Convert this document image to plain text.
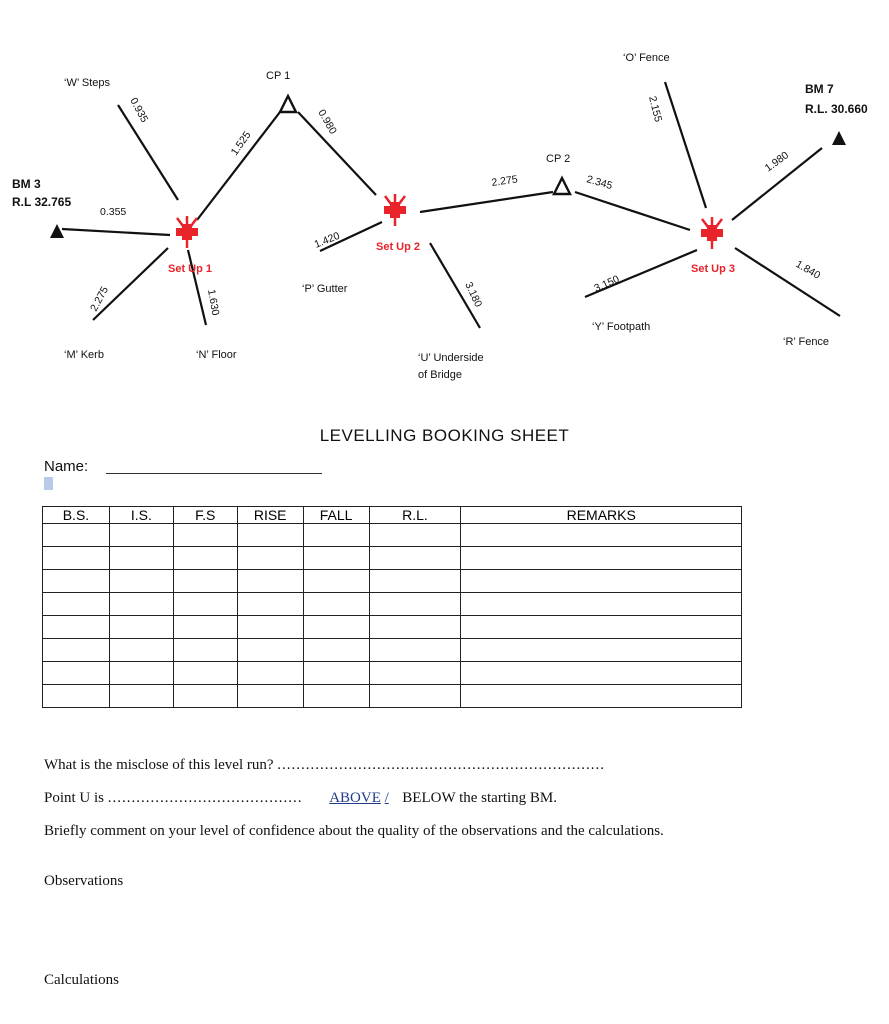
BM 3
R.L 32.765
BM 7
R.L. 30.660
CP 1
CP 2
Set Up 1
Set Up 2
Set Up 3
‘W’ Steps
‘M’ Kerb	‘N’ Floor
‘P’ Gutter
‘U’ Underside
of Bridge
‘O’ Fence
‘Y’ Footpath
‘R’ Fence
0.935
0.355
2.275	1.630
1.525
0.980
1.420
3.180
2.275	2.345
2.155
3.150
1.980
1.840
LEVELLING BOOKING SHEET
Name:
B.S.	I.S.	F.S	RISE	FALL	R.L.	REMARKS

What is the misclose of this level run? .....................................................................
Point U is ......................................... ABOVE / BELOW the starting BM.
Briefly comment on your level of confidence about the quality of the observations and the calculations.
Observations
Calculations
